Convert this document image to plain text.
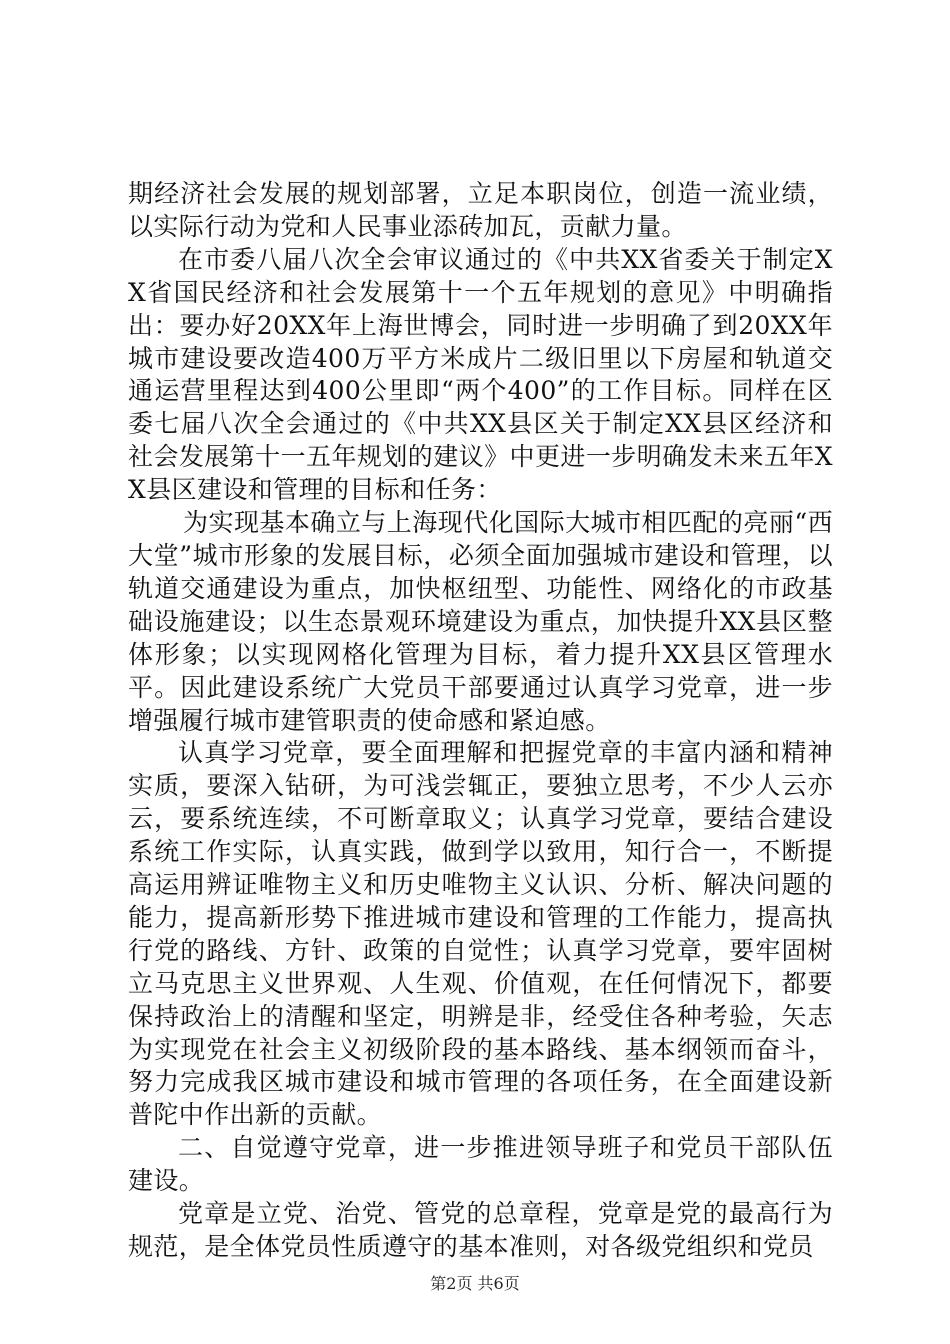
期经济社会发展的规划部署，立足本职岗位，创造一流业绩，以实际行动为党和人民事业添砖加瓦，贡献力量。

在市委八届八次全会审议通过的《中共XX省委关于制定XX省国民经济和社会发展第十一个五年规划的意见》中明确指出：要办好20XX年上海世博会，同时进一步明确了到20XX年城市建设要改造400万平方米成片二级旧里以下房屋和轨道交通运营里程达到400公里即“两个400”的工作目标。同样在区委七届八次全会通过的《中共XX县区关于制定XX县区经济和社会发展第十一五年规划的建议》中更进一步明确发未来五年XX县区建设和管理的目标和任务：

为实现基本确立与上海现代化国际大城市相匹配的亮丽“西大堂”城市形象的发展目标，必须全面加强城市建设和管理，以轨道交通建设为重点，加快枢纽型、功能性、网络化的市政基础设施建设；以生态景观环境建设为重点，加快提升XX县区整体形象；以实现网格化管理为目标，着力提升XX县区管理水平。因此建设系统广大党员干部要通过认真学习党章，进一步增强履行城市建管职责的使命感和紧迫感。

认真学习党章，要全面理解和把握党章的丰富内涵和精神实质，要深入钻研，为可浅尝辄正，要独立思考，不少人云亦云，要系统连续，不可断章取义；认真学习党章，要结合建设系统工作实际，认真实践，做到学以致用，知行合一，不断提高运用辨证唯物主义和历史唯物主义认识、分析、解决问题的能力，提高新形势下推进城市建设和管理的工作能力，提高执行党的路线、方针、政策的自觉性；认真学习党章，要牢固树立马克思主义世界观、人生观、价值观，在任何情况下，都要保持政治上的清醒和坚定，明辨是非，经受住各种考验，矢志为实现党在社会主义初级阶段的基本路线、基本纲领而奋斗，努力完成我区城市建设和城市管理的各项任务，在全面建设新普陀中作出新的贡献。

二、自觉遵守党章，进一步推进领导班子和党员干部队伍建设。

党章是立党、治党、管党的总章程，党章是党的最高行为规范，是全体党员性质遵守的基本准则，对各级党组织和党员

第2页 共6页
